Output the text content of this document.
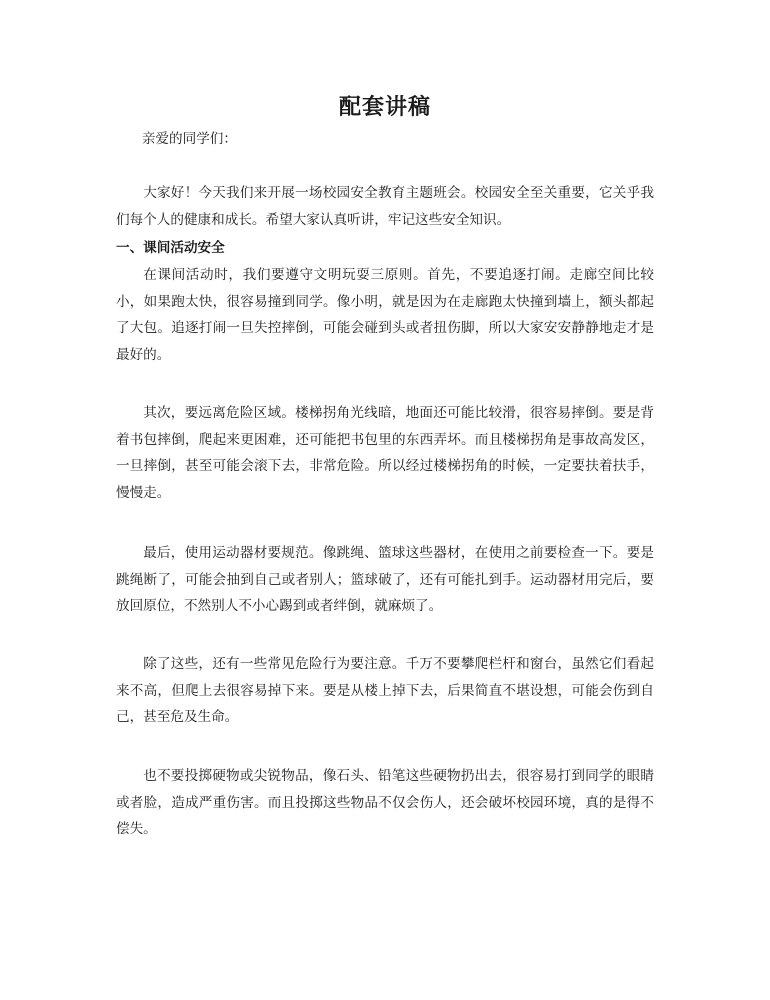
配套讲稿

亲爱的同学们：

大家好！今天我们来开展一场校园安全教育主题班会。校园安全至关重要，它关乎我们每个人的健康和成长。希望大家认真听讲，牢记这些安全知识。

一、课间活动安全

在课间活动时，我们要遵守文明玩耍三原则。首先，不要追逐打闹。走廊空间比较小，如果跑太快，很容易撞到同学。像小明，就是因为在走廊跑太快撞到墙上，额头都起了大包。追逐打闹一旦失控摔倒，可能会碰到头或者扭伤脚，所以大家安安静静地走才是最好的。

其次，要远离危险区域。楼梯拐角光线暗，地面还可能比较滑，很容易摔倒。要是背着书包摔倒，爬起来更困难，还可能把书包里的东西弄坏。而且楼梯拐角是事故高发区，一旦摔倒，甚至可能会滚下去，非常危险。所以经过楼梯拐角的时候，一定要扶着扶手，慢慢走。

最后，使用运动器材要规范。像跳绳、篮球这些器材，在使用之前要检查一下。要是跳绳断了，可能会抽到自己或者别人；篮球破了，还有可能扎到手。运动器材用完后，要放回原位，不然别人不小心踢到或者绊倒，就麻烦了。

除了这些，还有一些常见危险行为要注意。千万不要攀爬栏杆和窗台，虽然它们看起来不高，但爬上去很容易掉下来。要是从楼上掉下去，后果简直不堪设想，可能会伤到自己，甚至危及生命。

也不要投掷硬物或尖锐物品，像石头、铅笔这些硬物扔出去，很容易打到同学的眼睛或者脸，造成严重伤害。而且投掷这些物品不仅会伤人，还会破坏校园环境，真的是得不偿失。
